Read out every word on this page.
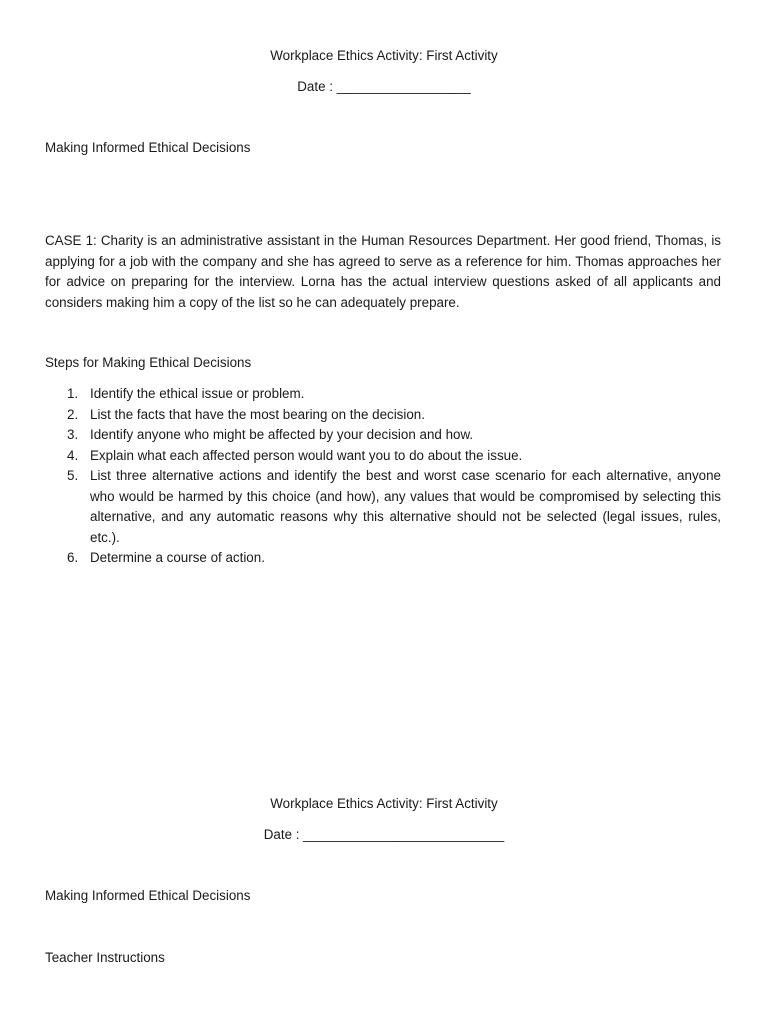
Workplace Ethics Activity: First Activity
Date : __________________
Making Informed Ethical Decisions

CASE 1: Charity is an administrative assistant in the Human Resources Department. Her good friend, Thomas, is applying for a job with the company and she has agreed to serve as a reference for him. Thomas approaches her for advice on preparing for the interview. Lorna has the actual interview questions asked of all applicants and considers making him a copy of the list so he can adequately prepare.

Steps for Making Ethical Decisions
1. Identify the ethical issue or problem.
2. List the facts that have the most bearing on the decision.
3. Identify anyone who might be affected by your decision and how.
4. Explain what each affected person would want you to do about the issue.
5. List three alternative actions and identify the best and worst case scenario for each alternative, anyone who would be harmed by this choice (and how), any values that would be compromised by selecting this alternative, and any automatic reasons why this alternative should not be selected (legal issues, rules, etc.).
6. Determine a course of action.
Workplace Ethics Activity: First Activity
Date : ___________________________
Making Informed Ethical Decisions
Teacher Instructions
